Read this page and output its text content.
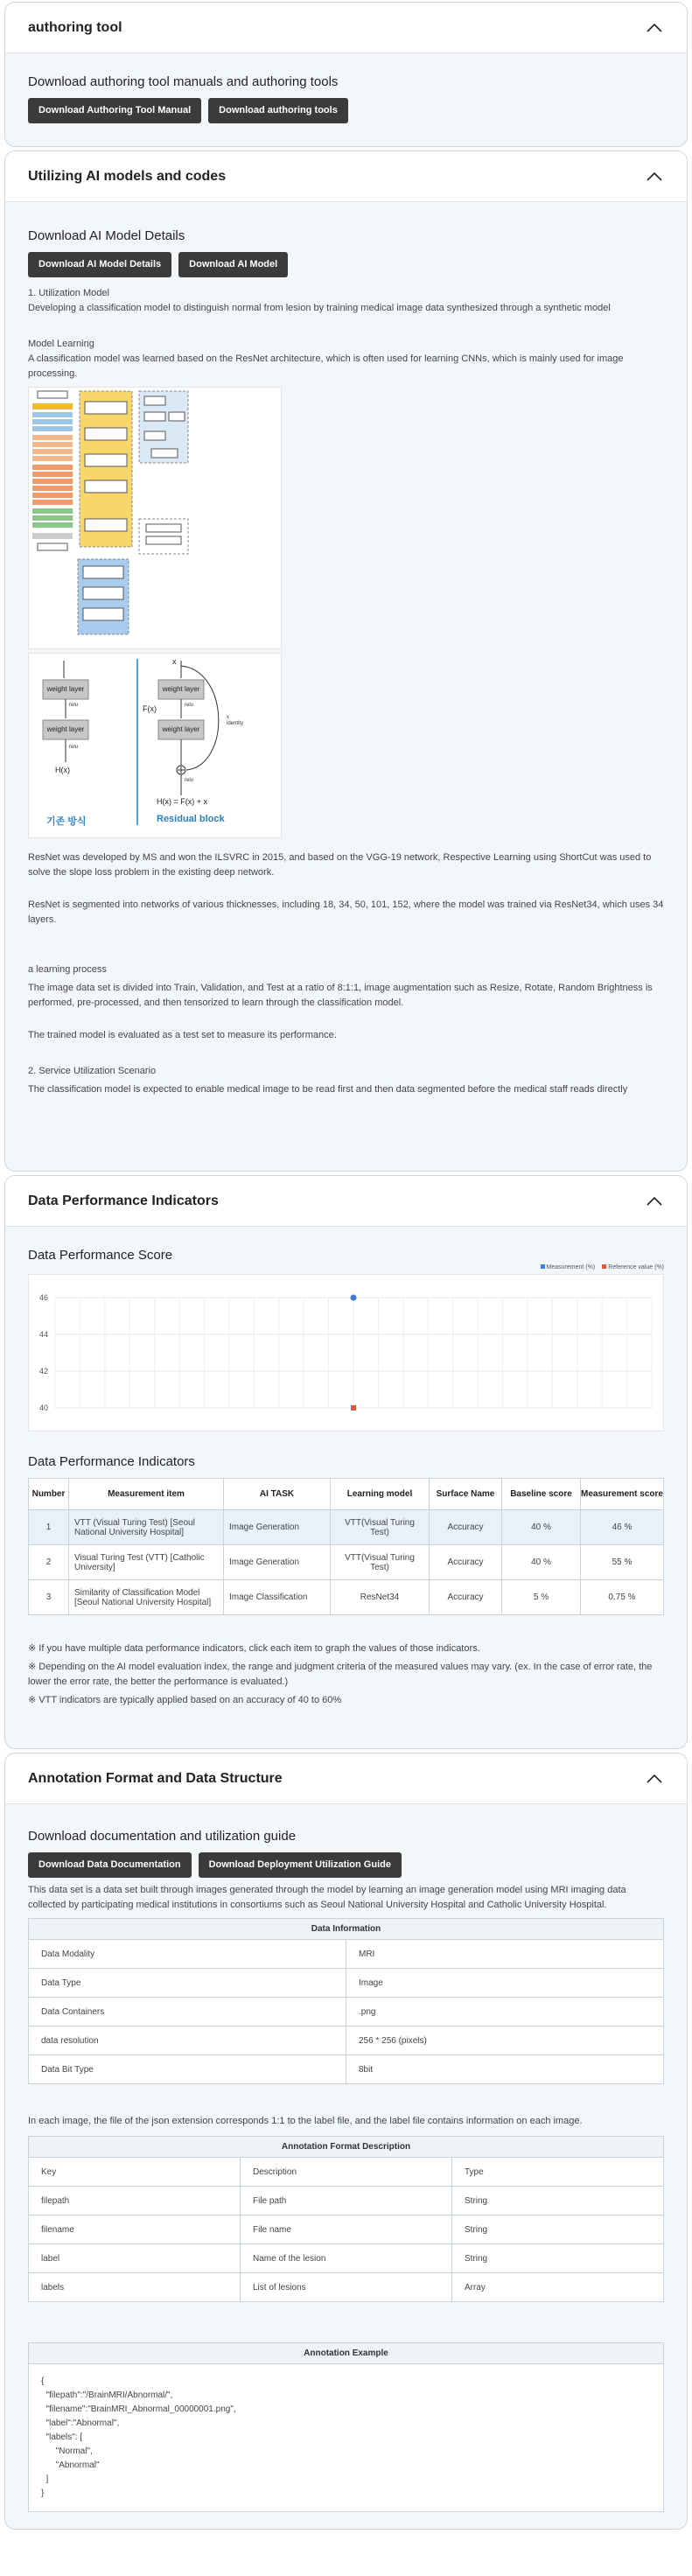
authoring tool
Download authoring tool manuals and authoring tools
Download Authoring Tool Manual	Download authoring tools
Utilizing AI models and codes
Download AI Model Details
Download AI Model Details	Download AI Model
1. Utilization Model
Developing a classification model to distinguish normal from lesion by training medical image data synthesized through a synthetic model
Model Learning
A classification model was learned based on the ResNet architecture, which is often used for learning CNNs, which is mainly used for image processing.
weight layer
weight layer
relu
relu
H(x)
weight layer
weight layer
relu
relu
F(x)
x
x
identity
H(x) = F(x) + x
기존 방식	Residual block
ResNet was developed by MS and won the ILSVRC in 2015, and based on the VGG-19 network, Respective Learning using ShortCut was used to solve the slope loss problem in the existing deep network.
ResNet is segmented into networks of various thicknesses, including 18, 34, 50, 101, 152, where the model was trained via ResNet34, which uses 34 layers.
a learning process
The image data set is divided into Train, Validation, and Test at a ratio of 8:1:1, image augmentation such as Resize, Rotate, Random Brightness is performed, pre-processed, and then tensorized to learn through the classification model.
The trained model is evaluated as a test set to measure its performance.
2. Service Utilization Scenario
The classification model is expected to enable medical image to be read first and then data segmented before the medical staff reads directly
Data Performance Indicators
Data Performance Score
Measurement (%)	Reference value (%)
40
42
44
46
Data Performance Indicators
Number	Measurement item	AI TASK	Learning model	Surface Name	Baseline score	Measurement score
1	VTT (Visual Turing Test) [Seoul National University Hospital]	Image Generation	VTT(Visual Turing Test)	Accuracy	40 %	46 %
2	Visual Turing Test (VTT) [Catholic University]	Image Generation	VTT(Visual Turing Test)	Accuracy	40 %	55 %
3	Similarity of Classification Model [Seoul National University Hospital]	Image Classification	ResNet34	Accuracy	5 %	0.75 %
※ If you have multiple data performance indicators, click each item to graph the values of those indicators.
※ Depending on the AI model evaluation index, the range and judgment criteria of the measured values may vary. (ex. In the case of error rate, the lower the error rate, the better the performance is evaluated.)
※ VTT indicators are typically applied based on an accuracy of 40 to 60%
Annotation Format and Data Structure
Download documentation and utilization guide
Download Data Documentation	Download Deployment Utilization Guide
This data set is a data set built through images generated through the model by learning an image generation model using MRI imaging data collected by participating medical institutions in consortiums such as Seoul National University Hospital and Catholic University Hospital.
Data Information	
Data Modality	MRI
Data Type	Image
Data Containers	.png
data resolution	256 * 256 (pixels)
Data Bit Type	8bit
In each image, the file of the json extension corresponds 1:1 to the label file, and the label file contains information on each image.
Annotation Format Description		
Key	Description	Type
filepath	File path	String
filename	File name	String
label	Name of the lesion	String
labels	List of lesions	Array
Annotation Example
{
"filepath":"/BrainMRI/Abnormal/",
"filename":"BrainMRI_Abnormal_00000001.png",
"label":"Abnormal",
"labels": [
"Normal",
"Abnormal"
]
}
